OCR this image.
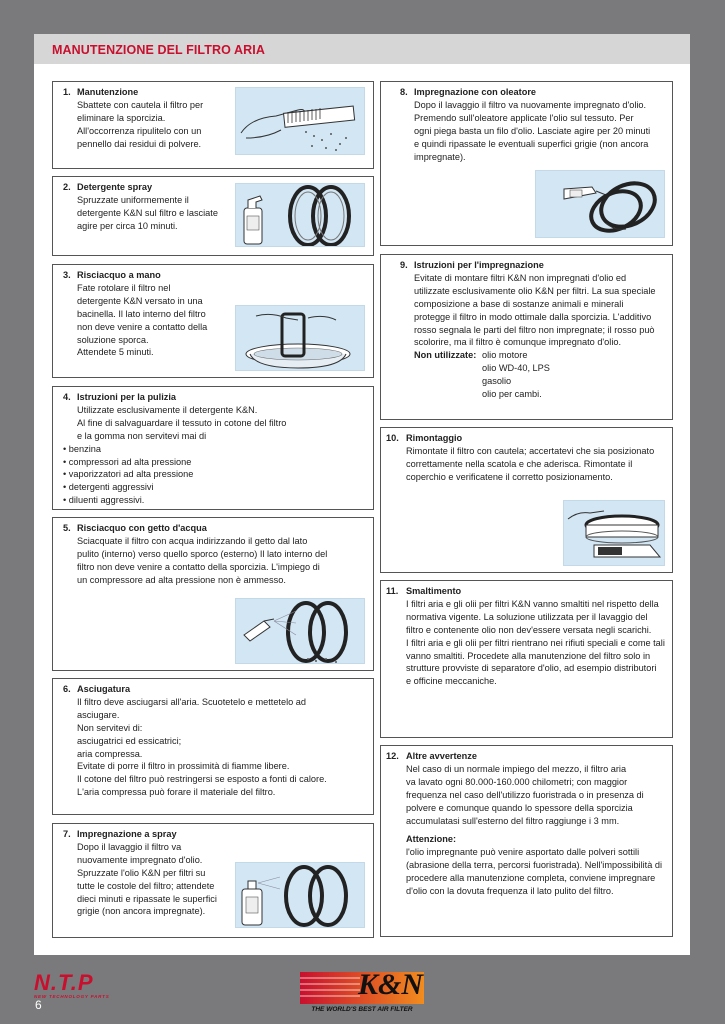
MANUTENZIONE DEL FILTRO ARIA
1. Manutenzione
Sbattete con cautela il filtro per
eliminare la sporcizia.
All'occorrenza ripulitelo con un
pennello dai residui di polvere.
2. Detergente spray
Spruzzate uniformemente il
detergente K&N sul filtro e lasciate
agire per circa 10 minuti.
3. Risciacquo a mano
Fate rotolare il filtro nel
detergente K&N versato in una
bacinella. Il lato interno del filtro
non deve venire a contatto della
soluzione sporca.
Attendete 5 minuti.
4. Istruzioni per la pulizia
Utilizzate esclusivamente il detergente K&N.
Al fine di salvaguardare il tessuto in cotone del filtro
e la gomma non servitevi mai di
• benzina
• compressori ad alta pressione
• vaporizzatori ad alta pressione
• detergenti aggressivi
• diluenti aggressivi.
5. Risciacquo con getto d'acqua
Sciacquate il filtro con acqua indirizzando il getto dal lato
pulito (interno) verso quello sporco (esterno) Il lato interno del
filtro non deve venire a contatto della sporcizia. L'impiego di
un compressore ad alta pressione non è ammesso.
6. Asciugatura
Il filtro deve asciugarsi all'aria. Scuotetelo e mettetelo ad
asciugare.
Non servitevi di:
asciugatrici ed essicatrici;
aria compressa.
Evitate di porre il filtro in prossimità di fiamme libere.
Il cotone del filtro può restringersi se esposto a fonti di calore.
L'aria compressa può forare il materiale del filtro.
7. Impregnazione a spray
Dopo il lavaggio il filtro va
nuovamente impregnato d'olio.
Spruzzate l'olio K&N per filtri su
tutte le costole del filtro; attendete
dieci minuti e ripassate le superfici
grigie (non ancora impregnate).
8. Impregnazione con oleatore
Dopo il lavaggio il filtro va nuovamente impregnato d'olio.
Premendo sull'oleatore applicate l'olio sul tessuto. Per
ogni piega basta un filo d'olio. Lasciate agire per 20 minuti
e quindi ripassate le eventuali superfici grigie (non ancora
impregnate).
9. Istruzioni per l'impregnazione
Evitate di montare filtri K&N non impregnati d'olio ed
utilizzate esclusivamente olio K&N per filtri. La sua speciale
composizione a base di sostanze animali e minerali
protegge il filtro in modo ottimale dalla sporcizia. L'additivo
rosso segnala le parti del filtro non impregnate; il rosso può
scolorire, ma il filtro è comunque impregnato d'olio.
Non utilizzate: olio motore
olio WD-40, LPS
gasolio
olio per cambi.
10. Rimontaggio
Rimontate il filtro con cautela; accertatevi che sia posizionato
correttamente nella scatola e che aderisca. Rimontate il
coperchio e verificatene il corretto posizionamento.
11. Smaltimento
I filtri aria e gli olii per filtri K&N vanno smaltiti nel rispetto della
normativa vigente. La soluzione utilizzata per il lavaggio del
filtro e contenente olio non dev'essere versata negli scarichi.
I filtri aria e gli olii per filtri rientrano nei rifiuti speciali e come tali
vanno smaltiti. Procedete alla manutenzione del filtro solo in
strutture provviste di separatore d'olio, ad esempio distributori
e officine meccaniche.
12. Altre avvertenze
Nel caso di un normale impiego del mezzo, il filtro aria
va lavato ogni 80.000-160.000 chilometri; con maggior
frequenza nel caso dell'utilizzo fuoristrada o in presenza di
polvere e comunque quando lo spessore della sporcizia
accumulatasi sull'esterno del filtro raggiunge i 3 mm.
Attenzione:
l'olio impregnante può venire asportato dalle polveri sottili
(abrasione della terra, percorsi fuoristrada). Nell'impossibilità di
procedere alla manutenzione completa, conviene impregnare
d'olio con la dovuta frequenza il lato pulito del filtro.
N.T.P
NEW TECHNOLOGY PARTS
6
K&N
THE WORLD'S BEST AIR FILTER
